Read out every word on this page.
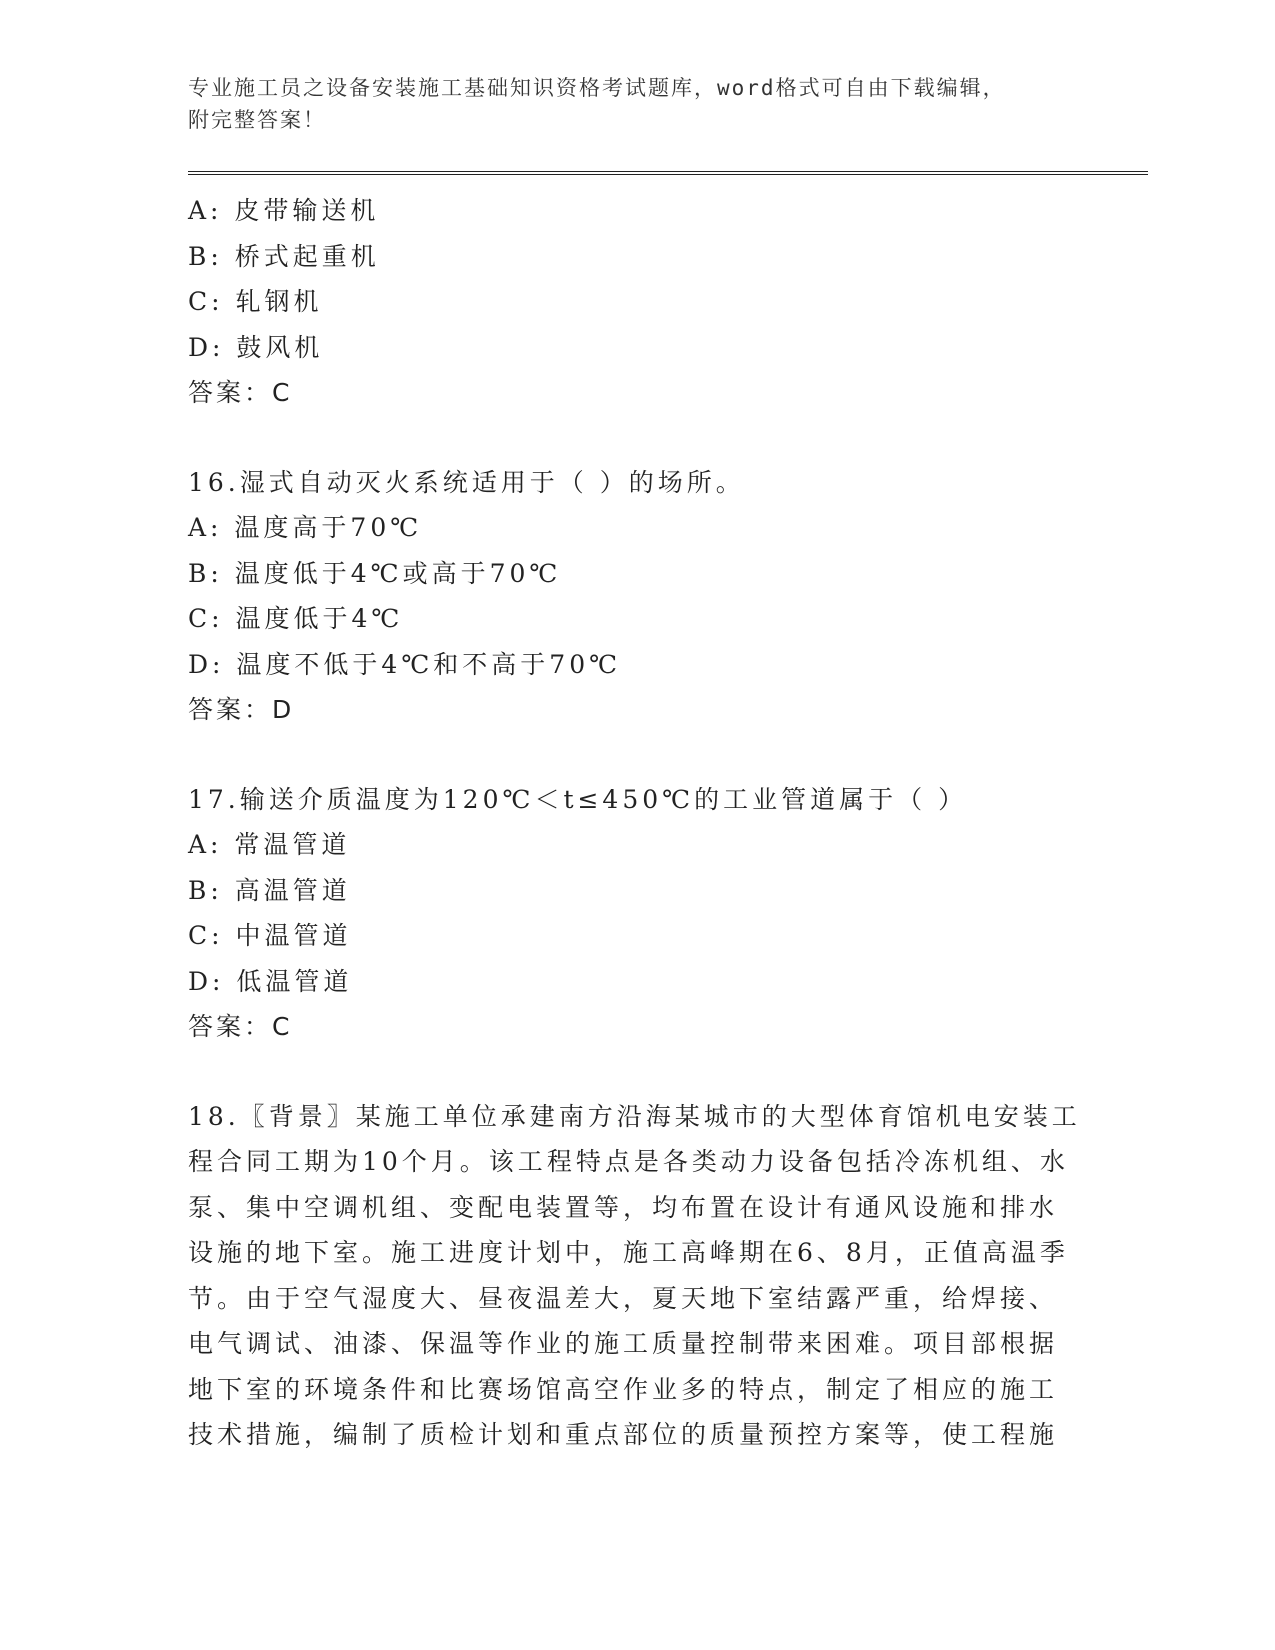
专业施工员之设备安装施工基础知识资格考试题库，word格式可自由下载编辑，
附完整答案！
A: 皮带输送机
B: 桥式起重机
C: 轧钢机
D: 鼓风机
答案：C
16.湿式自动灭火系统适用于（ ）的场所。
A: 温度高于70℃
B: 温度低于4℃或高于70℃
C: 温度低于4℃
D: 温度不低于4℃和不高于70℃
答案：D
17.输送介质温度为120℃＜t≤450℃的工业管道属于（ ）
A: 常温管道
B: 高温管道
C: 中温管道
D: 低温管道
答案：C
18.〖背景〗某施工单位承建南方沿海某城市的大型体育馆机电安装工
程合同工期为10个月。该工程特点是各类动力设备包括冷冻机组、水
泵、集中空调机组、变配电装置等，均布置在设计有通风设施和排水
设施的地下室。施工进度计划中，施工高峰期在6、8月，正值高温季
节。由于空气湿度大、昼夜温差大，夏天地下室结露严重，给焊接、
电气调试、油漆、保温等作业的施工质量控制带来困难。项目部根据
地下室的环境条件和比赛场馆高空作业多的特点，制定了相应的施工
技术措施，编制了质检计划和重点部位的质量预控方案等，使工程施
